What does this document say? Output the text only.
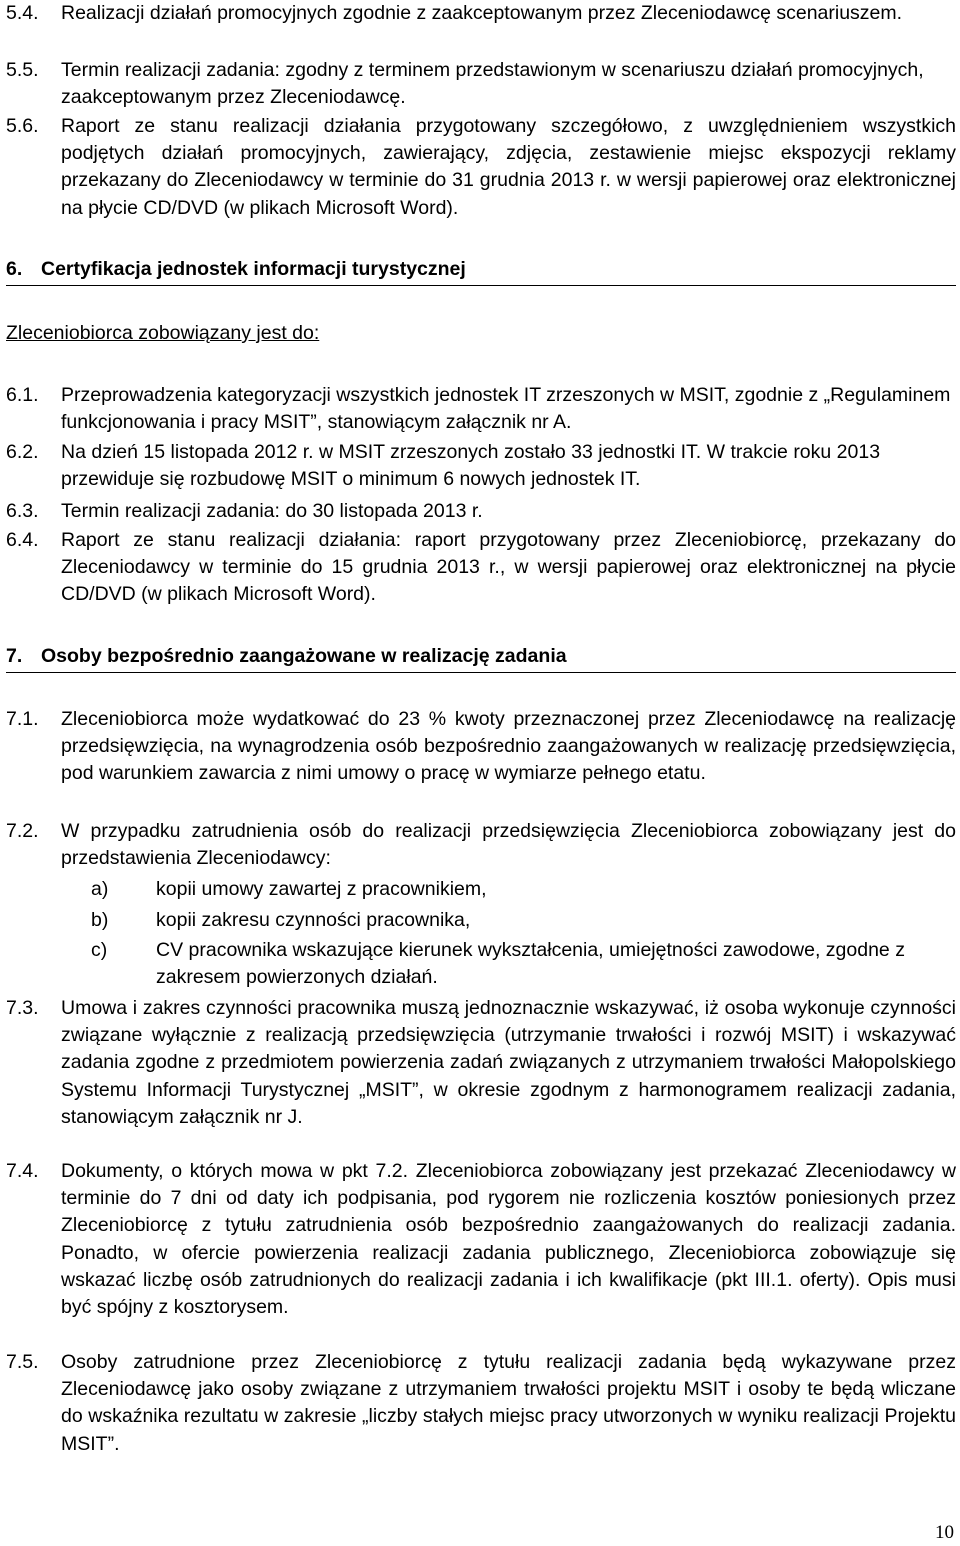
5.4. Realizacji działań promocyjnych zgodnie z zaakceptowanym przez Zleceniodawcę scenariuszem.
5.5. Termin realizacji zadania: zgodny z terminem przedstawionym w scenariuszu działań promocyjnych, zaakceptowanym przez Zleceniodawcę.
5.6. Raport ze stanu realizacji działania przygotowany szczegółowo, z uwzględnieniem wszystkich podjętych działań promocyjnych, zawierający, zdjęcia, zestawienie miejsc ekspozycji reklamy przekazany do Zleceniodawcy w terminie do 31 grudnia 2013 r. w wersji papierowej oraz elektronicznej na płycie CD/DVD (w plikach Microsoft Word).
6. Certyfikacja jednostek informacji turystycznej
Zleceniobiorca zobowiązany jest do:
6.1. Przeprowadzenia kategoryzacji wszystkich jednostek IT zrzeszonych w MSIT, zgodnie z „Regulaminem funkcjonowania i pracy MSIT”, stanowiącym załącznik nr A.
6.2. Na dzień 15 listopada 2012 r. w MSIT zrzeszonych zostało 33 jednostki IT. W trakcie roku 2013 przewiduje się rozbudowę MSIT o minimum 6 nowych jednostek IT.
6.3. Termin realizacji zadania: do 30 listopada 2013 r.
6.4. Raport ze stanu realizacji działania: raport przygotowany przez Zleceniobiorcę, przekazany do Zleceniodawcy w terminie do 15 grudnia 2013 r., w wersji papierowej oraz elektronicznej na płycie CD/DVD (w plikach Microsoft Word).
7. Osoby bezpośrednio zaangażowane w realizację zadania
7.1. Zleceniobiorca może wydatkować do 23 % kwoty przeznaczonej przez Zleceniodawcę na realizację przedsięwzięcia, na wynagrodzenia osób bezpośrednio zaangażowanych w realizację przedsięwzięcia, pod warunkiem zawarcia z nimi umowy o pracę w wymiarze pełnego etatu.
7.2. W przypadku zatrudnienia osób do realizacji przedsięwzięcia Zleceniobiorca zobowiązany jest do przedstawienia Zleceniodawcy:
a) kopii umowy zawartej z pracownikiem,
b) kopii zakresu czynności pracownika,
c)	CV pracownika wskazujące kierunek wykształcenia, umiejętności zawodowe, zgodne z zakresem powierzonych działań.
7.3. Umowa i zakres czynności pracownika muszą jednoznacznie wskazywać, iż osoba wykonuje czynności związane wyłącznie z realizacją przedsięwzięcia (utrzymanie trwałości i rozwój MSIT) i wskazywać zadania zgodne z przedmiotem powierzenia zadań związanych z utrzymaniem trwałości Małopolskiego Systemu Informacji Turystycznej „MSIT”, w okresie zgodnym z harmonogramem realizacji zadania, stanowiącym załącznik nr J.
7.4. Dokumenty, o których mowa w pkt 7.2. Zleceniobiorca zobowiązany jest przekazać Zleceniodawcy w terminie do 7 dni od daty ich podpisania, pod rygorem nie rozliczenia kosztów poniesionych przez Zleceniobiorcę z tytułu zatrudnienia osób bezpośrednio zaangażowanych do realizacji zadania. Ponadto, w ofercie powierzenia realizacji zadania publicznego, Zleceniobiorca zobowiązuje się wskazać liczbę osób zatrudnionych do realizacji zadania i ich kwalifikacje (pkt III.1. oferty). Opis musi być spójny z kosztorysem.
7.5. Osoby zatrudnione przez Zleceniobiorcę z tytułu realizacji zadania będą wykazywane przez Zleceniodawcę jako osoby związane z utrzymaniem trwałości projektu MSIT i osoby te będą wliczane do wskaźnika rezultatu w zakresie „liczby stałych miejsc pracy utworzonych w wyniku realizacji Projektu MSIT”.
10
